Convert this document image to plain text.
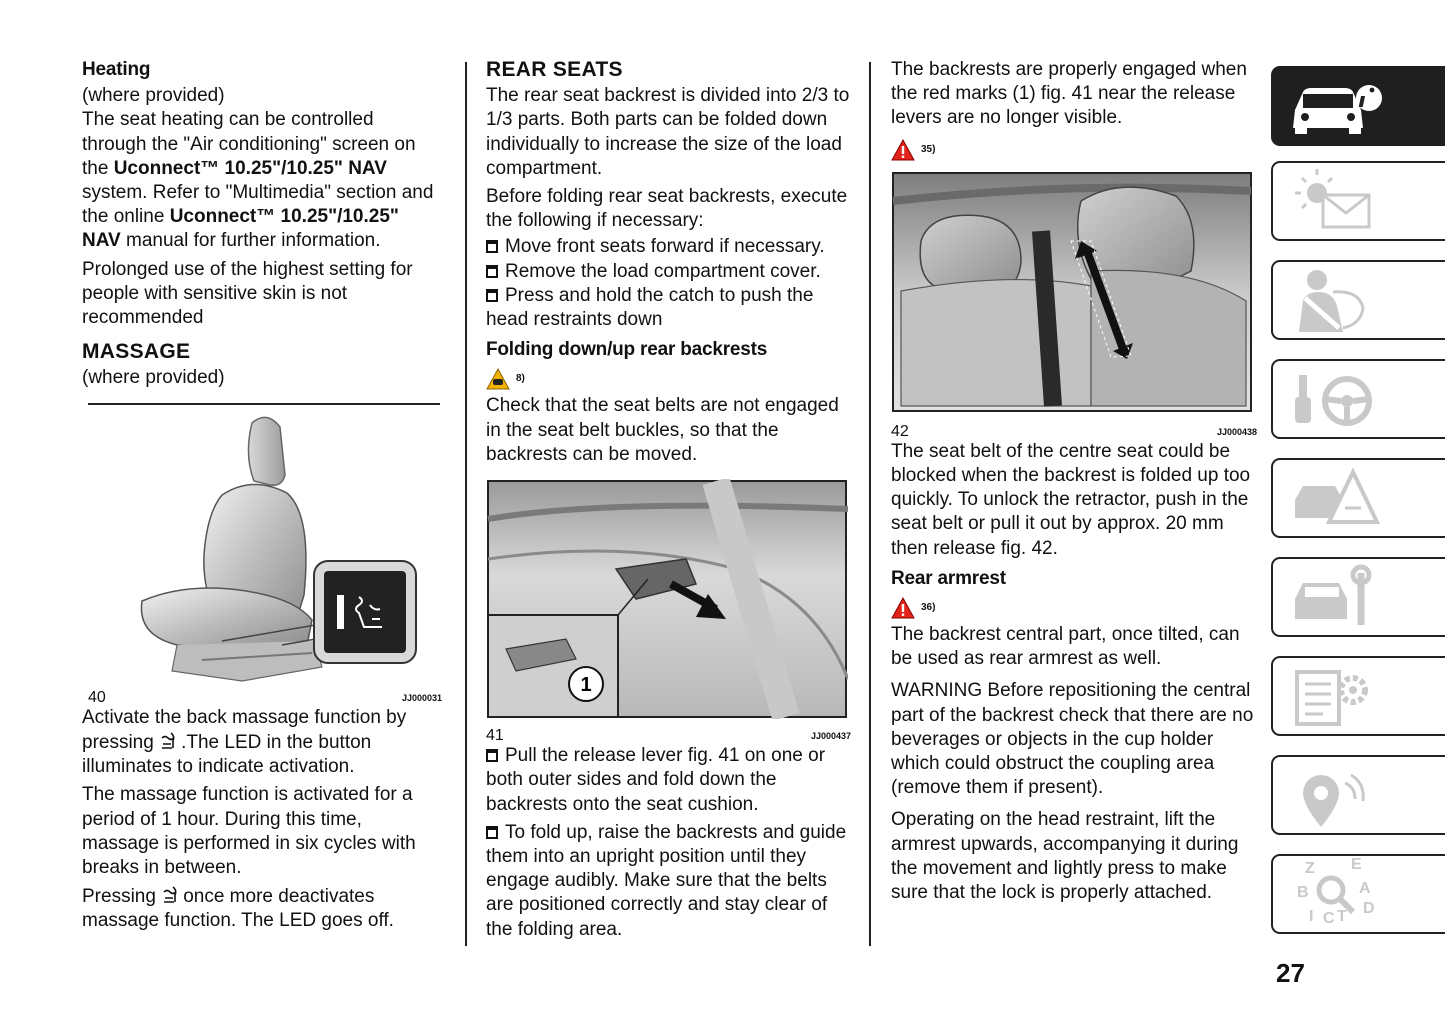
Heating

(where provided)
The seat heating can be controlled through the "Air conditioning" screen on the Uconnect™ 10.25"/10.25" NAV system. Refer to "Multimedia" section and the online Uconnect™ 10.25"/10.25" NAV manual for further information.

Prolonged use of the highest setting for people with sensitive skin is not recommended

MASSAGE

(where provided)

40	JJ000031

Activate the back massage function by pressing .The LED in the button illuminates to indicate activation.

The massage function is activated for a period of 1 hour. During this time, massage is performed in six cycles with breaks in between.

Pressing once more deactivates massage function. The LED goes off.

REAR SEATS

The rear seat backrest is divided into 2/3 to 1/3 parts. Both parts can be folded down individually to increase the size of the load compartment.

Before folding rear seat backrests, execute the following if necessary:

Move front seats forward if necessary.
Remove the load compartment cover.
Press and hold the catch to push the head restraints down
Folding down/up rear backrests
8)

Check that the seat belts are not engaged in the seat belt buckles, so that the backrests can be moved.

1
41	JJ000437

Pull the release lever fig. 41 on one or both outer sides and fold down the backrests onto the seat cushion.

To fold up, raise the backrests and guide them into an upright position until they engage audibly. Make sure that the belts are positioned correctly and stay clear of the folding area.

The backrests are properly engaged when the red marks (1) fig. 41 near the release levers are no longer visible.

35)
42	JJ000438

The seat belt of the centre seat could be blocked when the backrest is folded up too quickly. To unlock the retractor, push in the seat belt or pull it out by approx. 20 mm then release fig. 42.

Rear armrest
36)

The backrest central part, once tilted, can be used as rear armrest as well.

WARNING Before repositioning the central part of the backrest check that there are no beverages or objects in the cup holder which could obstruct the coupling area (remove them if present).

Operating on the head restraint, lift the armrest upwards, accompanying it during the movement and lightly press to make sure that the lock is properly attached.

Z E
B	A
I C T D
27
